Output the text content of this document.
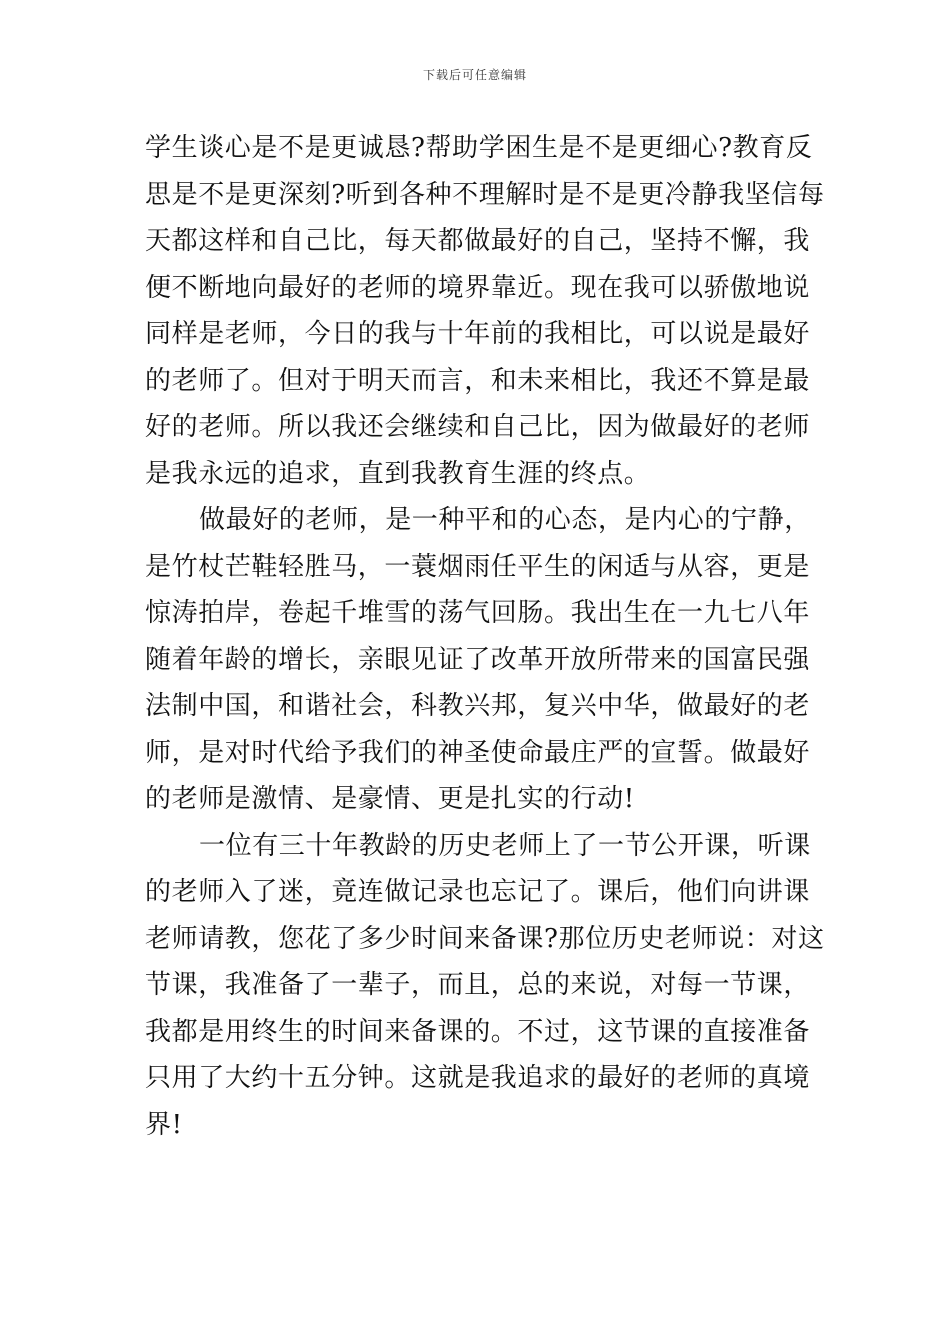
下载后可任意编辑
学生谈心是不是更诚恳?帮助学困生是不是更细心?教育反
思是不是更深刻?听到各种不理解时是不是更冷静我坚信每
天都这样和自己比，每天都做最好的自己，坚持不懈，我
便不断地向最好的老师的境界靠近。现在我可以骄傲地说
同样是老师，今日的我与十年前的我相比，可以说是最好
的老师了。但对于明天而言，和未来相比，我还不算是最
好的老师。所以我还会继续和自己比，因为做最好的老师
是我永远的追求，直到我教育生涯的终点。
做最好的老师，是一种平和的心态，是内心的宁静，
是竹杖芒鞋轻胜马，一蓑烟雨任平生的闲适与从容，更是
惊涛拍岸，卷起千堆雪的荡气回肠。我出生在一九七八年
随着年龄的增长，亲眼见证了改革开放所带来的国富民强
法制中国，和谐社会，科教兴邦，复兴中华，做最好的老
师，是对时代给予我们的神圣使命最庄严的宣誓。做最好
的老师是激情、是豪情、更是扎实的行动!
一位有三十年教龄的历史老师上了一节公开课，听课
的老师入了迷，竟连做记录也忘记了。课后，他们向讲课
老师请教，您花了多少时间来备课?那位历史老师说：对这
节课，我准备了一辈子，而且，总的来说，对每一节课，
我都是用终生的时间来备课的。不过，这节课的直接准备
只用了大约十五分钟。这就是我追求的最好的老师的真境
界!
